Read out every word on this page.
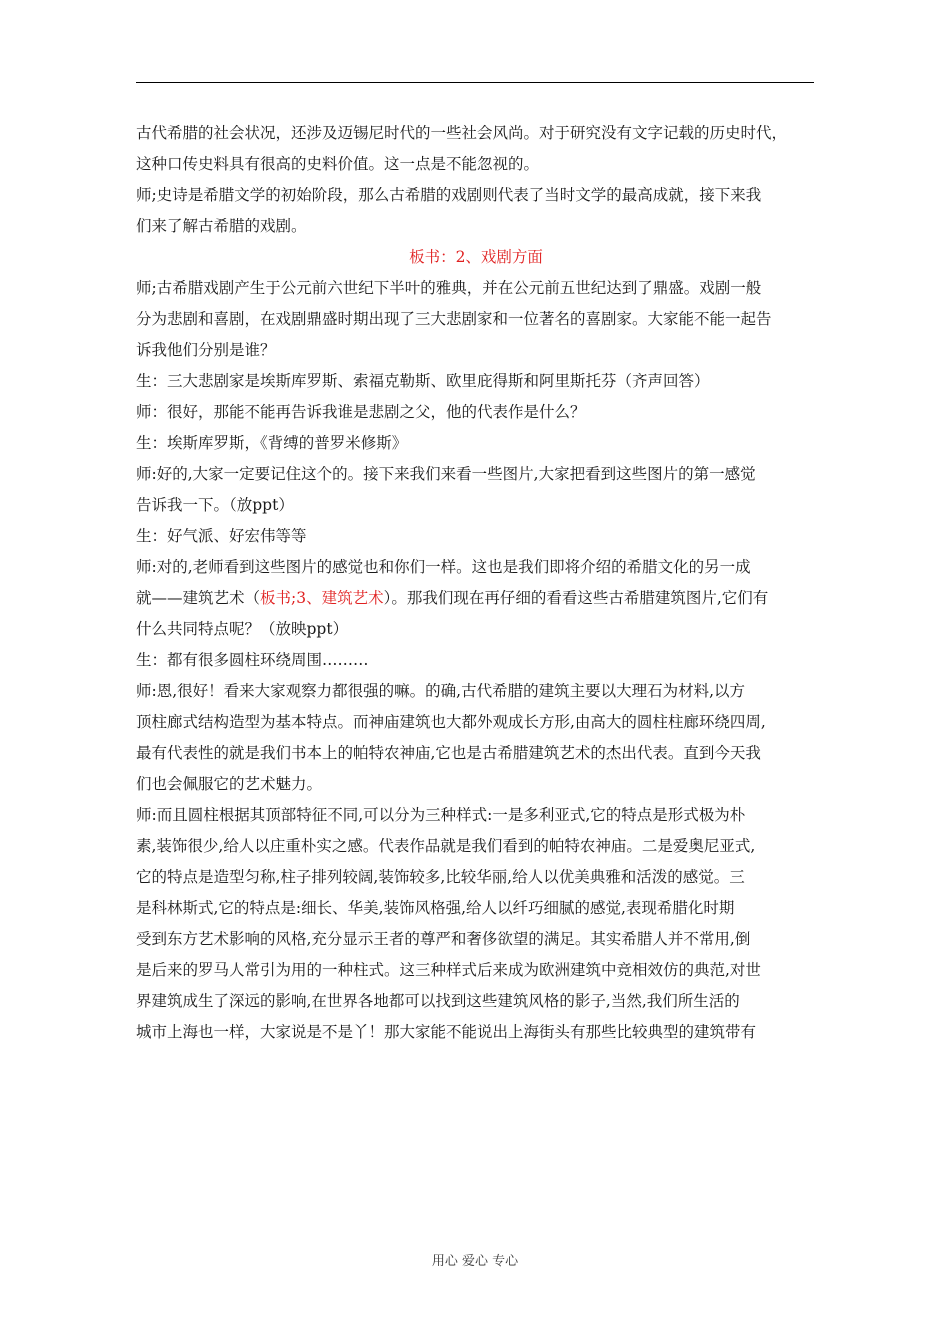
古代希腊的社会状况，还涉及迈锡尼时代的一些社会风尚。对于研究没有文字记载的历史时代，
这种口传史料具有很高的史料价值。这一点是不能忽视的。
师;史诗是希腊文学的初始阶段，那么古希腊的戏剧则代表了当时文学的最高成就，接下来我
们来了解古希腊的戏剧。
板书：2、戏剧方面
师;古希腊戏剧产生于公元前六世纪下半叶的雅典，并在公元前五世纪达到了鼎盛。戏剧一般
分为悲剧和喜剧，在戏剧鼎盛时期出现了三大悲剧家和一位著名的喜剧家。大家能不能一起告
诉我他们分别是谁？
生：三大悲剧家是埃斯库罗斯、索福克勒斯、欧里庇得斯和阿里斯托芬（齐声回答）
师：很好，那能不能再告诉我谁是悲剧之父，他的代表作是什么？
生：埃斯库罗斯，《背缚的普罗米修斯》
师:好的,大家一定要记住这个的。接下来我们来看一些图片,大家把看到这些图片的第一感觉
告诉我一下。（放ppt）
生：好气派、好宏伟等等
师:对的,老师看到这些图片的感觉也和你们一样。这也是我们即将介绍的希腊文化的另一成
就——建筑艺术（板书;3、建筑艺术）。那我们现在再仔细的看看这些古希腊建筑图片,它们有
什么共同特点呢？（放映ppt）
生：都有很多圆柱环绕周围………
师:恩,很好！看来大家观察力都很强的嘛。的确,古代希腊的建筑主要以大理石为材料,以方
顶柱廊式结构造型为基本特点。而神庙建筑也大都外观成长方形,由高大的圆柱柱廊环绕四周,
最有代表性的就是我们书本上的帕特农神庙,它也是古希腊建筑艺术的杰出代表。直到今天我
们也会佩服它的艺术魅力。
师:而且圆柱根据其顶部特征不同,可以分为三种样式:一是多利亚式,它的特点是形式极为朴
素,装饰很少,给人以庄重朴实之感。代表作品就是我们看到的帕特农神庙。二是爱奥尼亚式,
它的特点是造型匀称,柱子排列较阔,装饰较多,比较华丽,给人以优美典雅和活泼的感觉。三
是科林斯式,它的特点是:细长、华美,装饰风格强,给人以纤巧细腻的感觉,表现希腊化时期
受到东方艺术影响的风格,充分显示王者的尊严和奢侈欲望的满足。其实希腊人并不常用,倒
是后来的罗马人常引为用的一种柱式。这三种样式后来成为欧洲建筑中竞相效仿的典范,对世
界建筑成生了深远的影响,在世界各地都可以找到这些建筑风格的影子,当然,我们所生活的
城市上海也一样，大家说是不是丫！那大家能不能说出上海街头有那些比较典型的建筑带有
用心 爱心 专心
